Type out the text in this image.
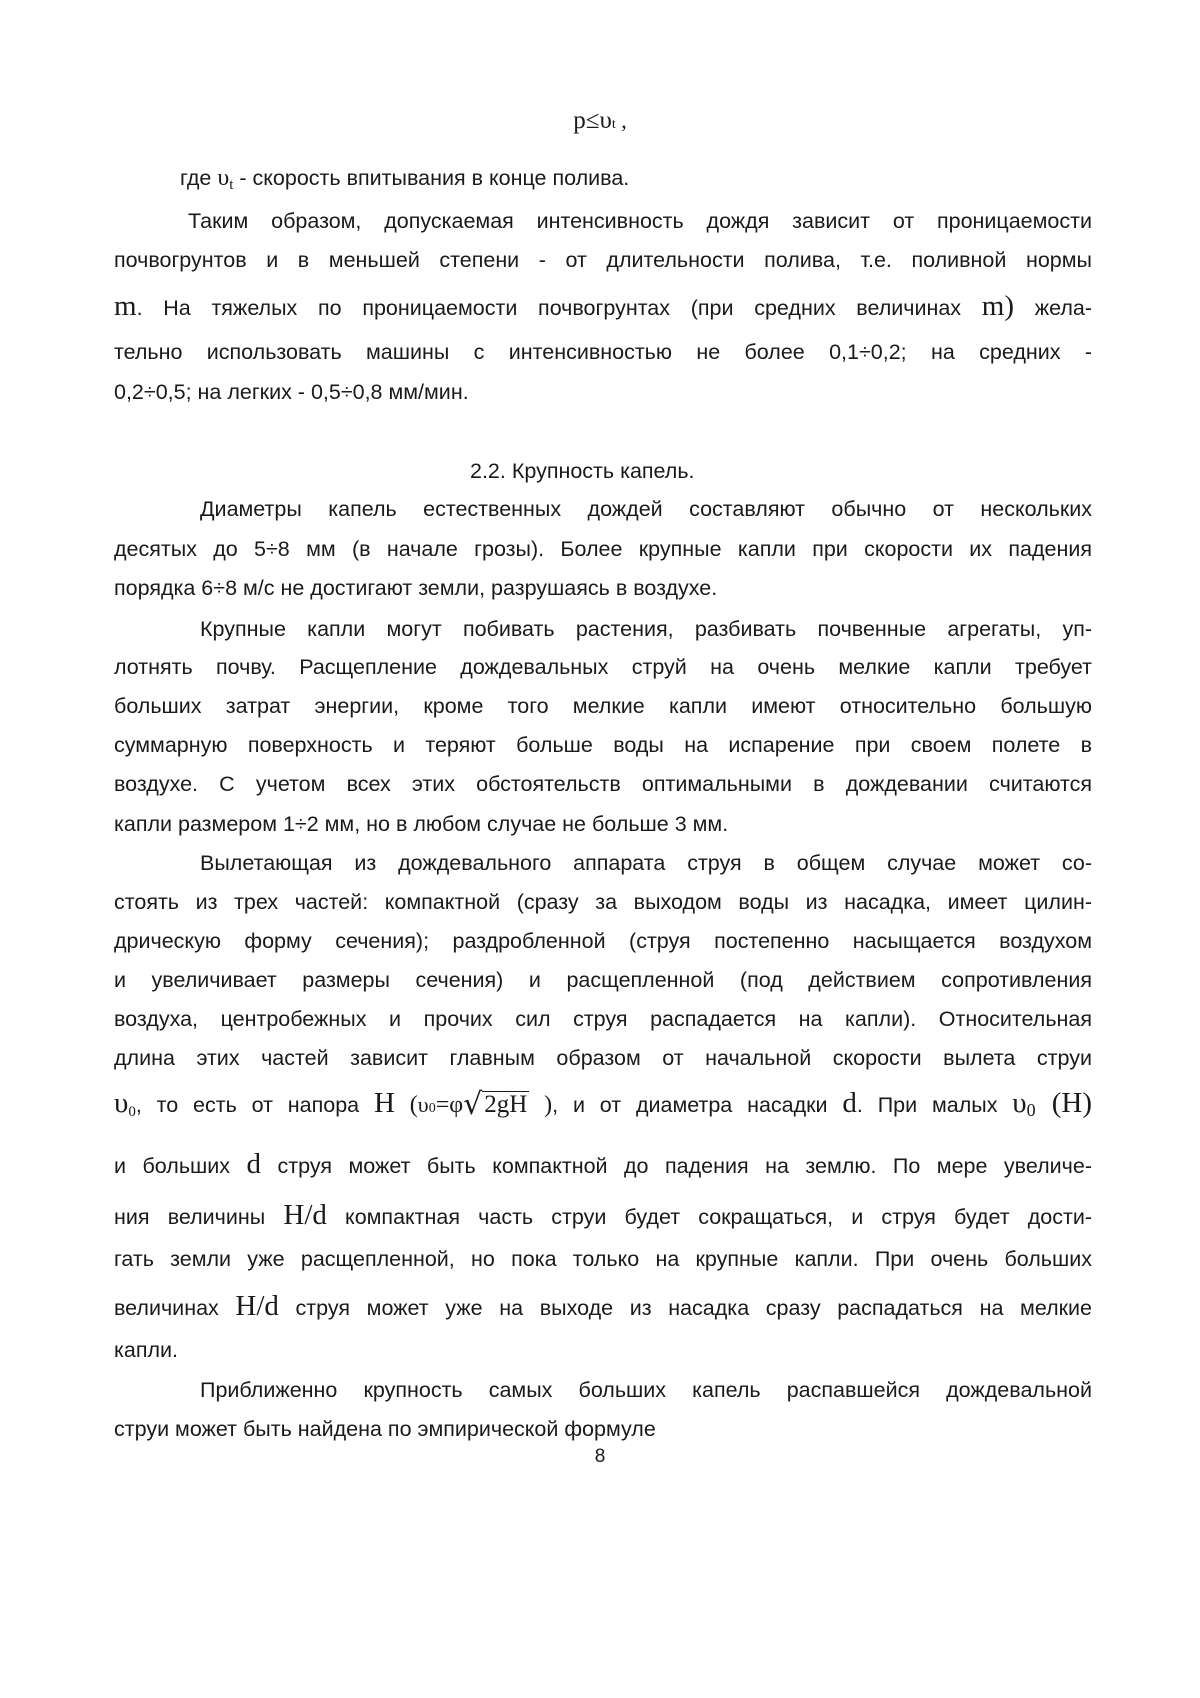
p≤υt ,
где υt - скорость впитывания в конце полива.
Таким образом, допускаемая интенсивность дождя зависит от проницаемости
почвогрунтов и в меньшей степени - от длительности полива, т.е. поливной нормы
m. На тяжелых по проницаемости почвогрунтах (при средних величинах m) жела-
тельно использовать машины с интенсивностью не более 0,1÷0,2; на средних -
0,2÷0,5; на легких - 0,5÷0,8 мм/мин.
2.2. Крупность капель.
Диаметры капель естественных дождей составляют обычно от нескольких
десятых до 5÷8 мм (в начале грозы). Более крупные капли при скорости их падения
порядка 6÷8 м/с не достигают земли, разрушаясь в воздухе.
Крупные капли могут побивать растения, разбивать почвенные агрегаты, уп-
лотнять почву. Расщепление дождевальных струй на очень мелкие капли требует
больших затрат энергии, кроме того мелкие капли имеют относительно большую
суммарную поверхность и теряют больше воды на испарение при своем полете в
воздухе. С учетом всех этих обстоятельств оптимальными в дождевании считаются
капли размером 1÷2 мм, но в любом случае не больше 3 мм.
Вылетающая из дождевального аппарата струя в общем случае может со-
стоять из трех частей: компактной (сразу за выходом воды из насадка, имеет цилин-
дрическую форму сечения); раздробленной (струя постепенно насыщается воздухом
и увеличивает размеры сечения) и расщепленной (под действием сопротивления
воздуха, центробежных и прочих сил струя распадается на капли). Относительная
длина этих частей зависит главным образом от начальной скорости вылета струи
υ0, то есть от напора H (υ0=φ√2gH ), и от диаметра насадки d. При малых υ0 (H)
и больших d струя может быть компактной до падения на землю. По мере увеличе-
ния величины H/d компактная часть струи будет сокращаться, и струя будет дости-
гать земли уже расщепленной, но пока только на крупные капли. При очень больших
величинах H/d струя может уже на выходе из насадка сразу распадаться на мелкие
капли.
Приближенно крупность самых больших капель распавшейся дождевальной
струи может быть найдена по эмпирической формуле
8
